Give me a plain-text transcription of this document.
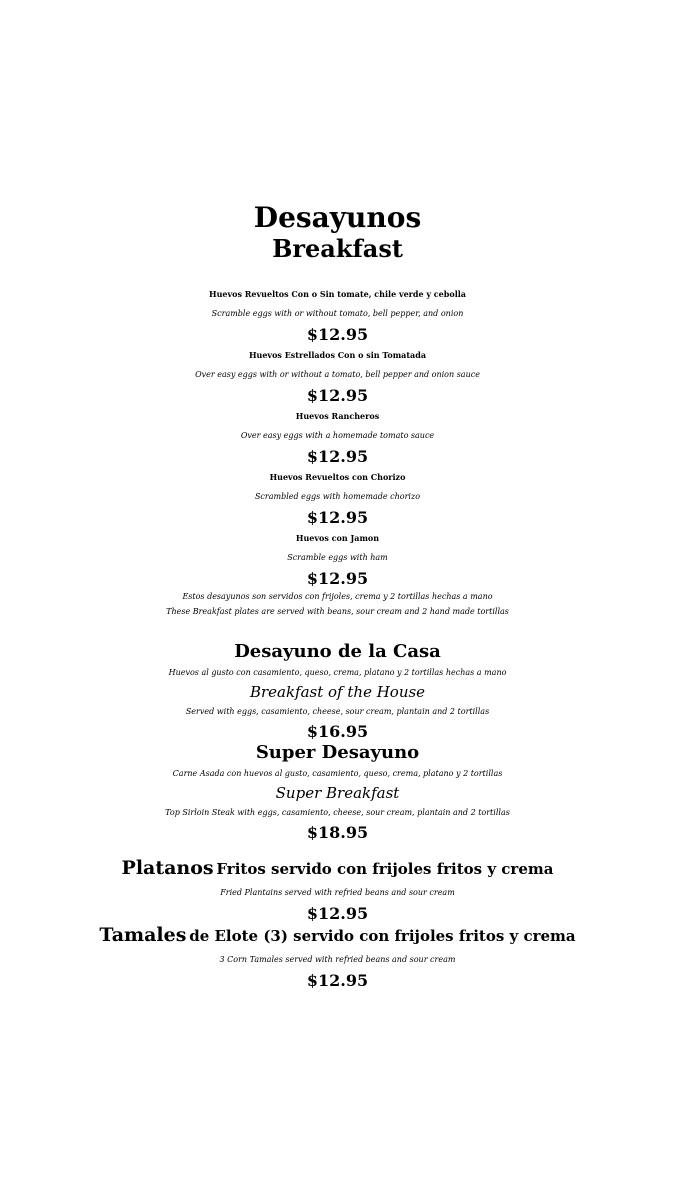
Desayunos
Breakfast
Huevos Revueltos Con o Sin tomate, chile verde y cebolla
Scramble eggs with or without tomato, bell pepper, and onion
$12.95
Huevos Estrellados Con o sin Tomatada
Over easy eggs with or without a tomato, bell pepper and onion sauce
$12.95
Huevos Rancheros
Over easy eggs with a homemade tomato sauce
$12.95
Huevos Revueltos con Chorizo
Scrambled eggs with homemade chorizo
$12.95
Huevos con Jamon
Scramble eggs with ham
$12.95
Estos desayunos son servidos con frijoles, crema y 2 tortillas hechas a mano
These Breakfast plates are served with beans, sour cream and 2 hand made tortillas
Desayuno de la Casa
Huevos al gusto con casamiento, queso, crema, platano y 2 tortillas hechas a mano
Breakfast of the House
Served with eggs, casamiento, cheese, sour cream, plantain and 2 tortillas
$16.95
Super Desayuno
Carne Asada con huevos al gusto, casamiento, queso, crema, platano y 2 tortillas
Super Breakfast
Top Sirloin Steak with eggs, casamiento, cheese, sour cream, plantain and 2 tortillas
$18.95
Platanos Fritos servido con frijoles fritos y crema
Fried Plantains served with refried beans and sour cream
$12.95
Tamales de Elote (3) servido con frijoles fritos y crema
3 Corn Tamales served with refried beans and sour cream
$12.95
